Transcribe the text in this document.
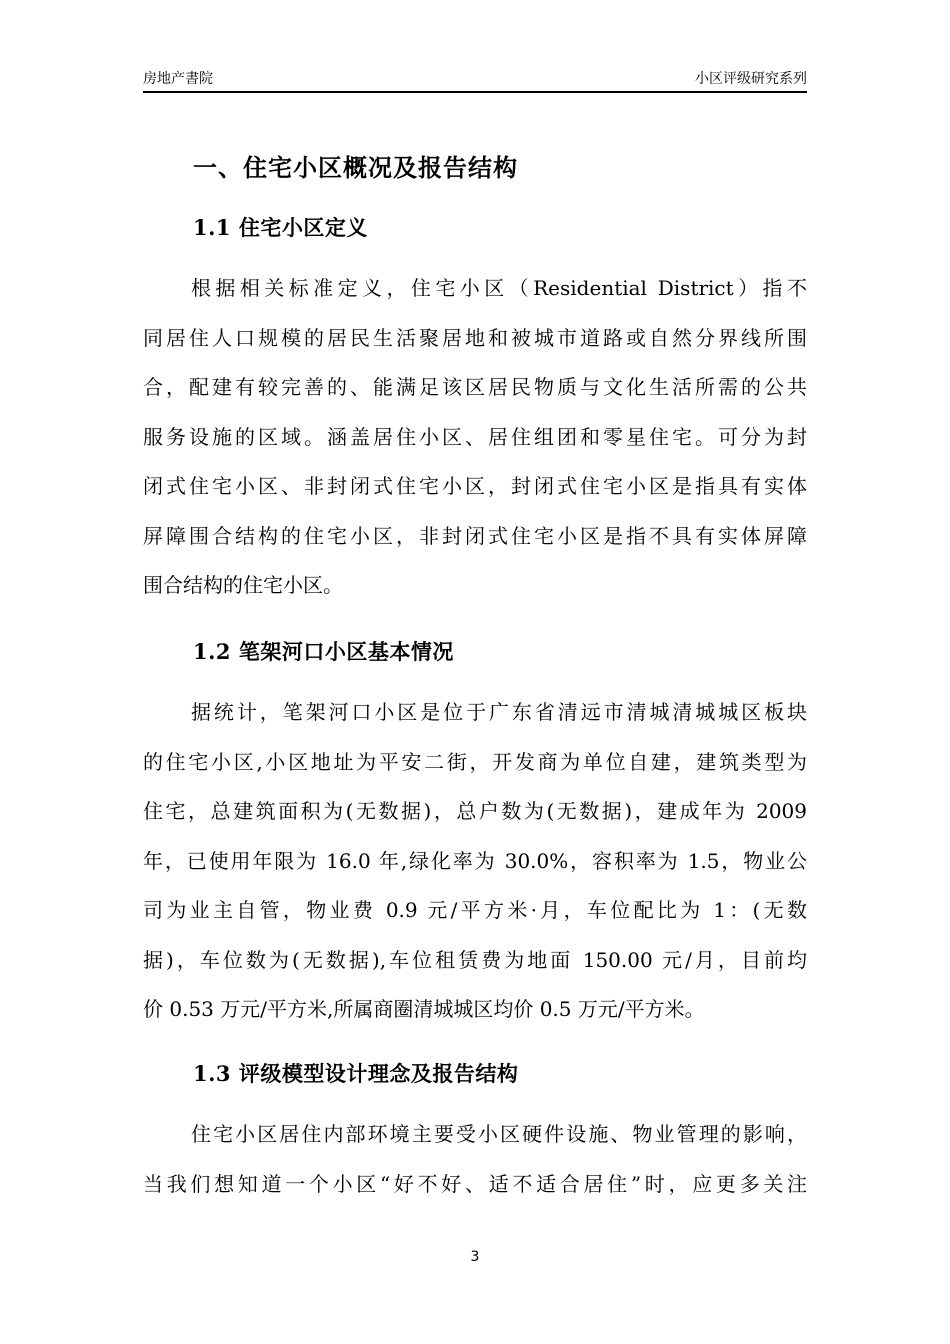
房地产書院	小区评级研究系列
一、住宅小区概况及报告结构
1.1 住宅小区定义
根据相关标准定义，住宅小区（Residential District）指不
同居住人口规模的居民生活聚居地和被城市道路或自然分界线所围
合，配建有较完善的、能满足该区居民物质与文化生活所需的公共
服务设施的区域。涵盖居住小区、居住组团和零星住宅。可分为封
闭式住宅小区、非封闭式住宅小区，封闭式住宅小区是指具有实体
屏障围合结构的住宅小区，非封闭式住宅小区是指不具有实体屏障
围合结构的住宅小区。
1.2 笔架河口小区基本情况
据统计，笔架河口小区是位于广东省清远市清城清城城区板块
的住宅小区,小区地址为平安二街，开发商为单位自建，建筑类型为
住宅，总建筑面积为(无数据)，总户数为(无数据)，建成年为 2009
年，已使用年限为 16.0 年,绿化率为 30.0%，容积率为 1.5，物业公
司为业主自管，物业费 0.9 元/平方米·月，车位配比为 1：(无数
据)，车位数为(无数据),车位租赁费为地面 150.00 元/月，目前均
价 0.53 万元/平方米,所属商圈清城城区均价 0.5 万元/平方米。
1.3 评级模型设计理念及报告结构
住宅小区居住内部环境主要受小区硬件设施、物业管理的影响，
当我们想知道一个小区“好不好、适不适合居住”时，应更多关注
3
